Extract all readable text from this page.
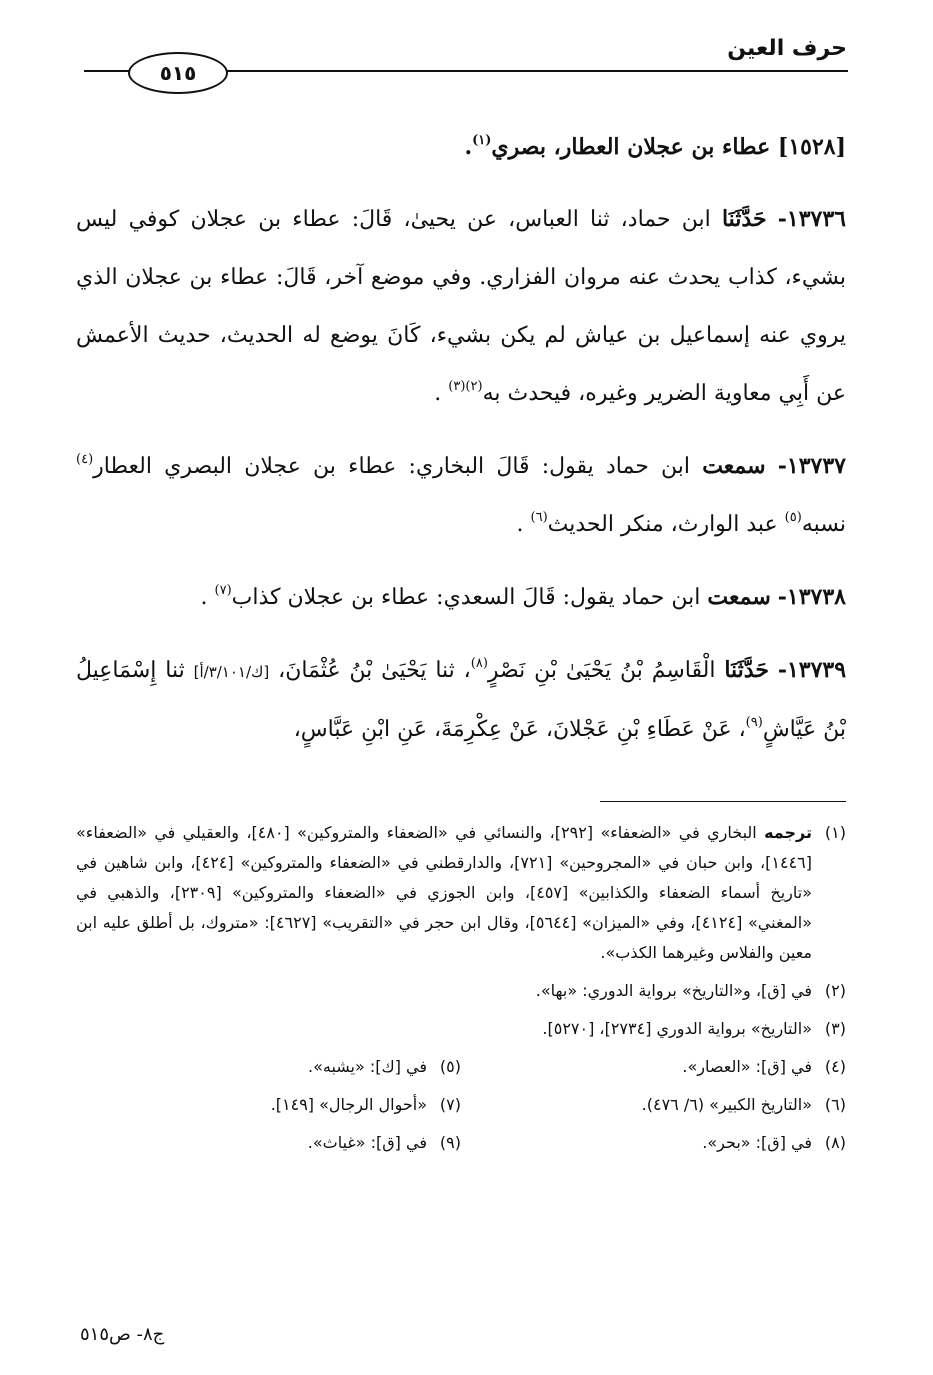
حرف العين
٥١٥

[١٥٢٨] عطاء بن عجلان العطار، بصري$^{(١)}$.

١٣٧٣٦- حَدَّثَنَا ابن حماد، ثنا العباس، عن يحيىٰ، قَالَ: عطاء بن عجلان كوفي ليس بشيء، كذاب يحدث عنه مروان الفزاري. وفي موضع آخر، قَالَ: عطاء بن عجلان الذي يروي عنه إسماعيل بن عياش لم يكن بشيء، كَانَ يوضع له الحديث، حديث الأعمش عن أَبِي معاوية الضرير وغيره، فيحدث به$^{(٢)(٣)}$ .

١٣٧٣٧- سمعت ابن حماد يقول: قَالَ البخاري: عطاء بن عجلان البصري العطار$^{(٤)}$ نسبه$^{(٥)}$ عبد الوارث، منكر الحديث$^{(٦)}$ .

١٣٧٣٨- سمعت ابن حماد يقول: قَالَ السعدي: عطاء بن عجلان كذاب$^{(٧)}$ .

١٣٧٣٩- حَدَّثَنَا الْقَاسِمُ بْنُ يَحْيَىٰ بْنِ نَصْرٍ$^{(٨)}$، ثنا يَحْيَىٰ بْنُ عُثْمَانَ، [ك/٣/١٠١/أ] ثنا إِسْمَاعِيلُ بْنُ عَيَّاشٍ$^{(٩)}$، عَنْ عَطَاءِ بْنِ عَجْلانَ، عَنْ عِكْرِمَةَ، عَنِ ابْنِ عَبَّاسٍ،

(١)
ترجمه البخاري في «الضعفاء» [٢٩٢]، والنسائي في «الضعفاء والمتروكين» [٤٨٠]، والعقيلي في «الضعفاء» [١٤٤٦]، وابن حبان في «المجروحين» [٧٢١]، والدارقطني في «الضعفاء والمتروكين» [٤٢٤]، وابن شاهين في «تاريخ أسماء الضعفاء والكذابين» [٤٥٧]، وابن الجوزي في «الضعفاء والمتروكين» [٢٣٠٩]، والذهبي في «المغني» [٤١٢٤]، وفي «الميزان» [٥٦٤٤]، وقال ابن حجر في «التقريب» [٤٦٢٧]: «متروك، بل أطلق عليه ابن معين والفلاس وغيرهما الكذب».
(٢)
في [ق]، و«التاريخ» برواية الدوري: «بها».
(٣)
«التاريخ» برواية الدوري [٢٧٣٤]، [٥٢٧٠].
(٤)
في [ق]: «العصار».
(٥)
في [ك]: «يشبه».
(٦)
«التاريخ الكبير» (٦/ ٤٧٦).
(٧)
«أحوال الرجال» [١٤٩].
(٨)
في [ق]: «بحر».
(٩)
في [ق]: «غياث».
ج٨- ص٥١٥
